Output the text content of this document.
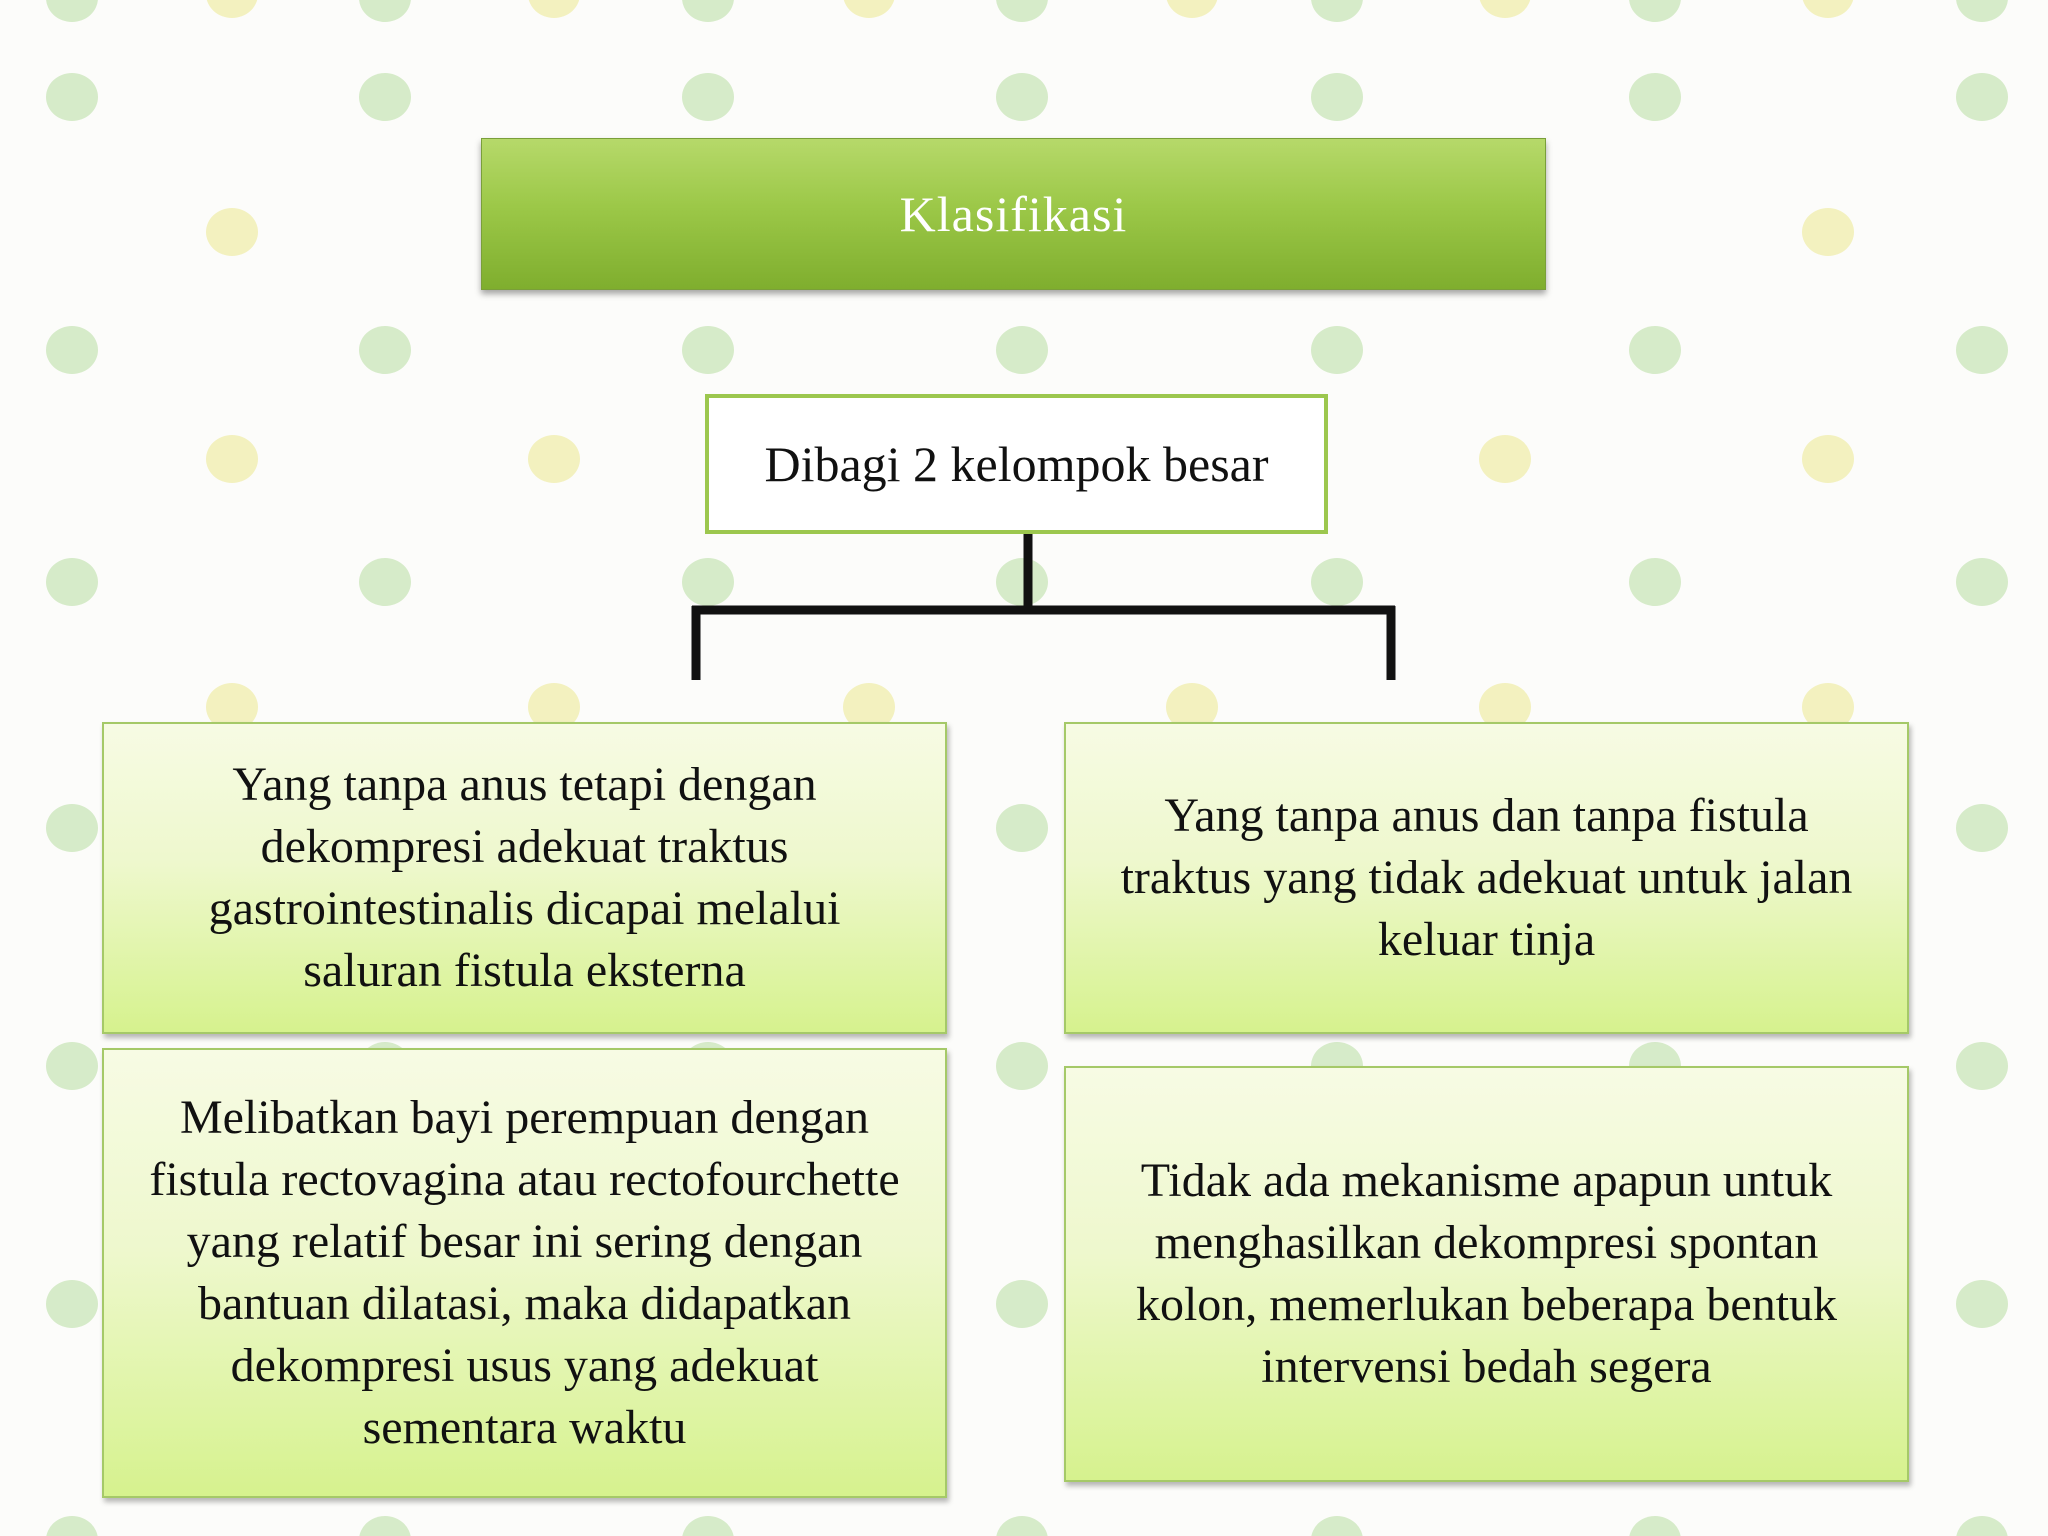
Klasifikasi
Dibagi 2 kelompok besar
Yang tanpa anus tetapi dengan dekompresi adekuat traktus gastrointestinalis dicapai melalui saluran fistula eksterna
Yang tanpa anus dan tanpa fistula traktus yang tidak adekuat untuk jalan keluar tinja
Melibatkan bayi perempuan dengan fistula rectovagina atau rectofourchette yang relatif besar ini sering dengan bantuan dilatasi, maka didapatkan dekompresi usus yang adekuat sementara waktu
Tidak ada mekanisme apapun untuk menghasilkan dekompresi spontan kolon, memerlukan beberapa bentuk intervensi bedah segera
